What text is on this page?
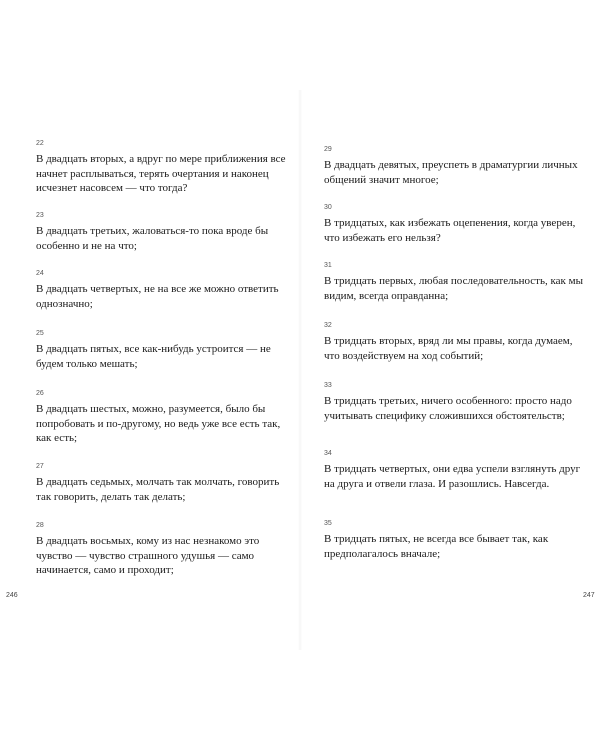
22
В двадцать вторых, а вдруг по мере приближения все начнет расплываться, терять очертания и наконец исчезнет насовсем — что тогда?
23
В двадцать третьих, жаловаться-то пока вроде бы особенно и не на что;
24
В двадцать четвертых, не на все же можно ответить однозначно;
25
В двадцать пятых, все как-нибудь устроится — не будем только мешать;
26
В двадцать шестых, можно, разумеется, было бы попробовать и по-другому, но ведь уже все есть так, как есть;
27
В двадцать седьмых, молчать так молчать, говорить так говорить, делать так делать;
28
В двадцать восьмых, кому из нас незнакомо это чувство — чувство страшного удушья — само начинается, само и проходит;
246
29
В двадцать девятых, преуспеть в драматургии личных общений значит многое;
30
В тридцатых, как избежать оцепенения, когда уверен, что избежать его нельзя?
31
В тридцать первых, любая последовательность, как мы видим, всегда оправданна;
32
В тридцать вторых, вряд ли мы правы, когда думаем, что воздействуем на ход событий;
33
В тридцать третьих, ничего особенного: просто надо учитывать специфику сложившихся обстоятельств;
34
В тридцать четвертых, они едва успели взглянуть друг на друга и отвели глаза. И разошлись. Навсегда.
35
В тридцать пятых, не всегда все бывает так, как предполагалось вначале;
247
